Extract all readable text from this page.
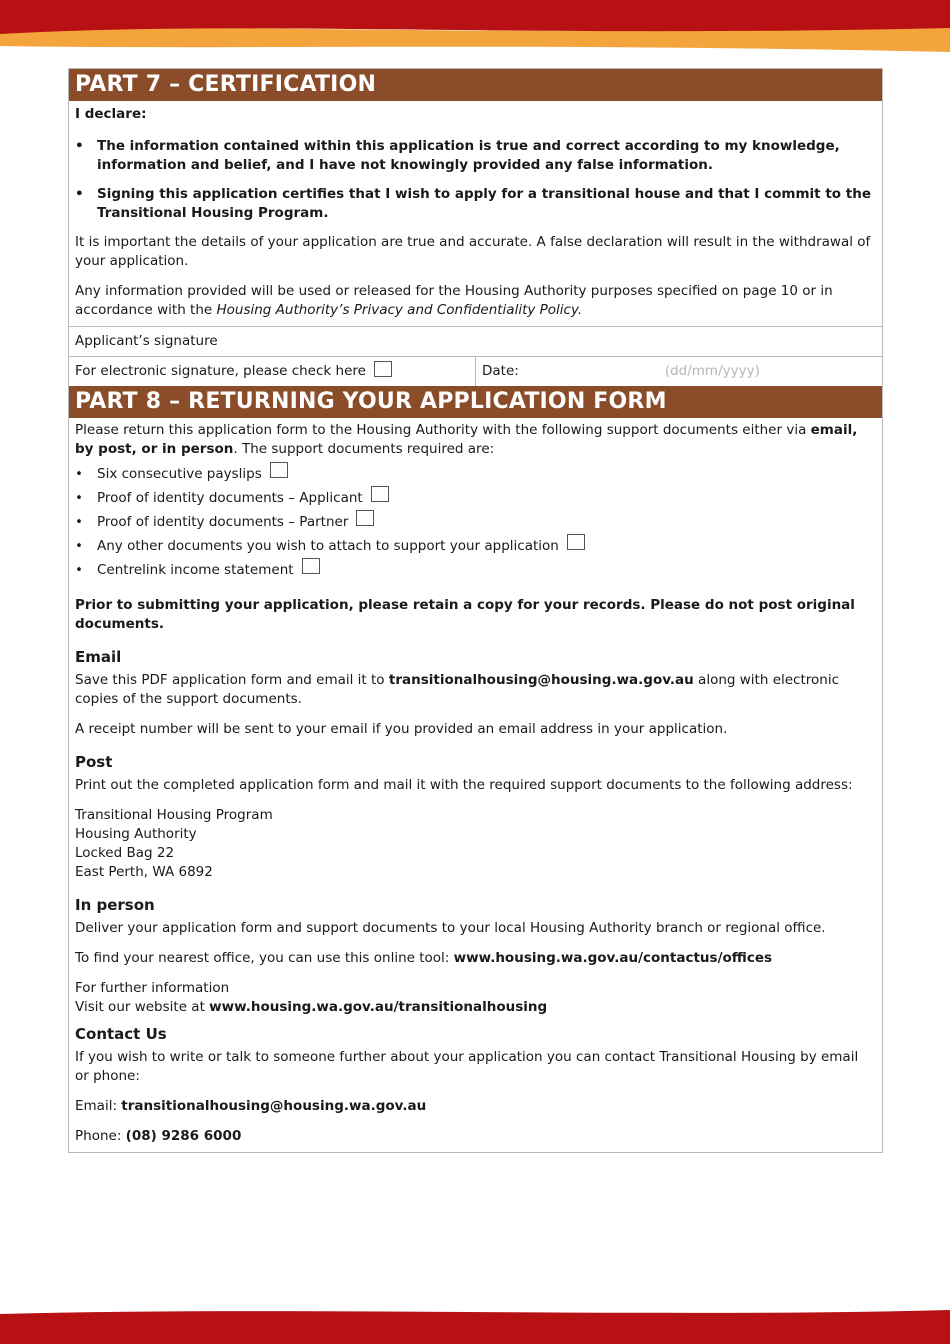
PART 7 – CERTIFICATION

I declare:

• The information contained within this application is true and correct according to my knowledge, information and belief, and I have not knowingly provided any false information.
• Signing this application certifies that I wish to apply for a transitional house and that I commit to the Transitional Housing Program.

It is important the details of your application are true and accurate. A false declaration will result in the withdrawal of your application.

Any information provided will be used or released for the Housing Authority purposes specified on page 10 or in accordance with the Housing Authority’s Privacy and Confidentiality Policy.

Applicant’s signature
For electronic signature, please check here	Date:	(dd/mm/yyyy)
PART 8 – RETURNING YOUR APPLICATION FORM

Please return this application form to the Housing Authority with the following support documents either via email, by post, or in person. The support documents required are:

•	Six consecutive payslips
•	Proof of identity documents – Applicant
•	Proof of identity documents – Partner
•	Any other documents you wish to attach to support your application
•	Centrelink income statement

Prior to submitting your application, please retain a copy for your records. Please do not post original documents.

Email

Save this PDF application form and email it to transitionalhousing@housing.wa.gov.au along with electronic copies of the support documents.

A receipt number will be sent to your email if you provided an email address in your application.

Post

Print out the completed application form and mail it with the required support documents to the following address:

Transitional Housing Program
Housing Authority
Locked Bag 22
East Perth, WA 6892
In person

Deliver your application form and support documents to your local Housing Authority branch or regional office.

To find your nearest office, you can use this online tool: www.housing.wa.gov.au/contactus/offices

For further information
Visit our website at www.housing.wa.gov.au/transitionalhousing

Contact Us

If you wish to write or talk to someone further about your application you can contact Transitional Housing by email or phone:

Email: transitionalhousing@housing.wa.gov.au

Phone: (08) 9286 6000
